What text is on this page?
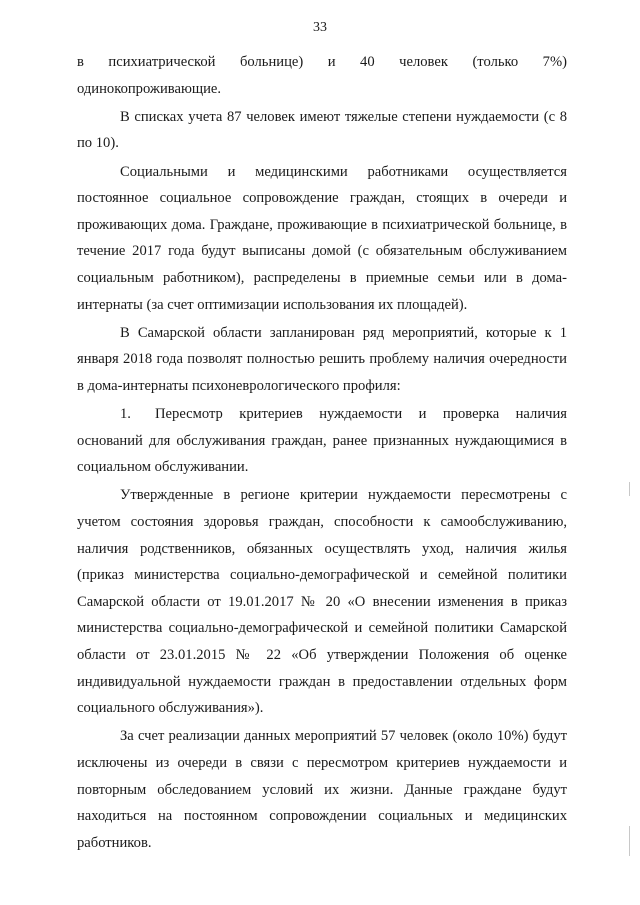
33

в психиатрической больнице) и 40 человек (только 7%) одинокопроживающие.

В списках учета 87 человек имеют тяжелые степени нуждаемости (с 8 по 10).

Социальными и медицинскими работниками осуществляется постоянное социальное сопровождение граждан, стоящих в очереди и проживающих дома. Граждане, проживающие в психиатрической больнице, в течение 2017 года будут выписаны домой (с обязательным обслуживанием социальным работником), распределены в приемные семьи или в дома-интернаты (за счет оптимизации использования их площадей).

В Самарской области запланирован ряд мероприятий, которые к 1 января 2018 года позволят полностью решить проблему наличия очередности в дома-интернаты психоневрологического профиля:

1. Пересмотр критериев нуждаемости и проверка наличия оснований для обслуживания граждан, ранее признанных нуждающимися в социальном обслуживании.

Утвержденные в регионе критерии нуждаемости пересмотрены с учетом состояния здоровья граждан, способности к самообслуживанию, наличия родственников, обязанных осуществлять уход, наличия жилья (приказ министерства социально-демографической и семейной политики Самарской области от 19.01.2017 № 20 «О внесении изменения в приказ министерства социально-демографической и семейной политики Самарской области от 23.01.2015 № 22 «Об утверждении Положения об оценке индивидуальной нуждаемости граждан в предоставлении отдельных форм социального обслуживания»).

За счет реализации данных мероприятий 57 человек (около 10%) будут исключены из очереди в связи с пересмотром критериев нуждаемости и повторным обследованием условий их жизни. Данные граждане будут находиться на постоянном сопровождении социальных и медицинских работников.
